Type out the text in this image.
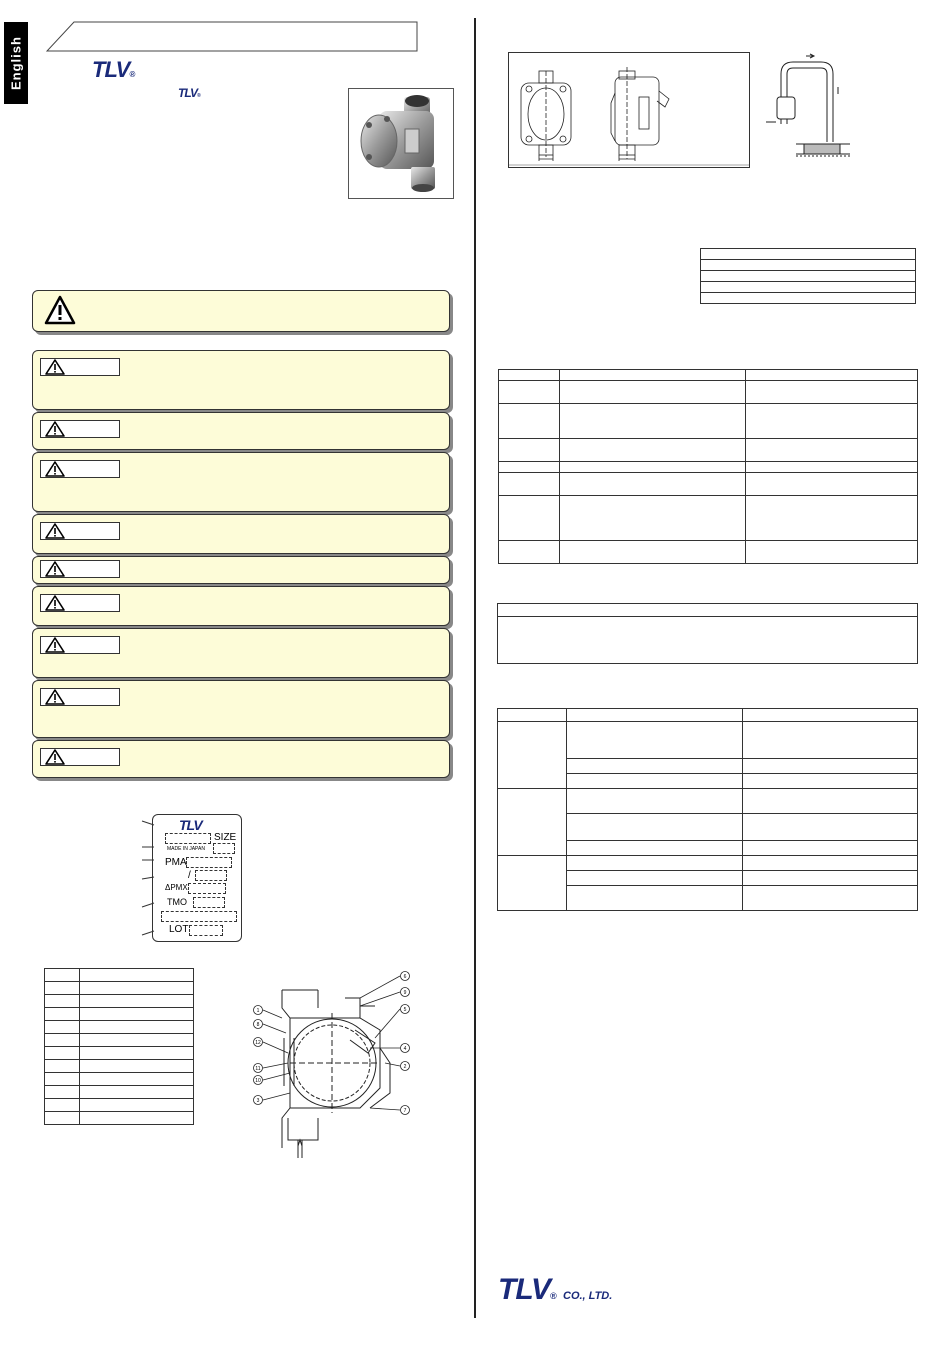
English	TLV®
TLV®
TLV
SIZE
MADE IN JAPAN
PMA
/
ΔPMX
TMO
LOT

6
9
5
4
2
7
1
8
12
11
10
3

TLV® CO., LTD.
